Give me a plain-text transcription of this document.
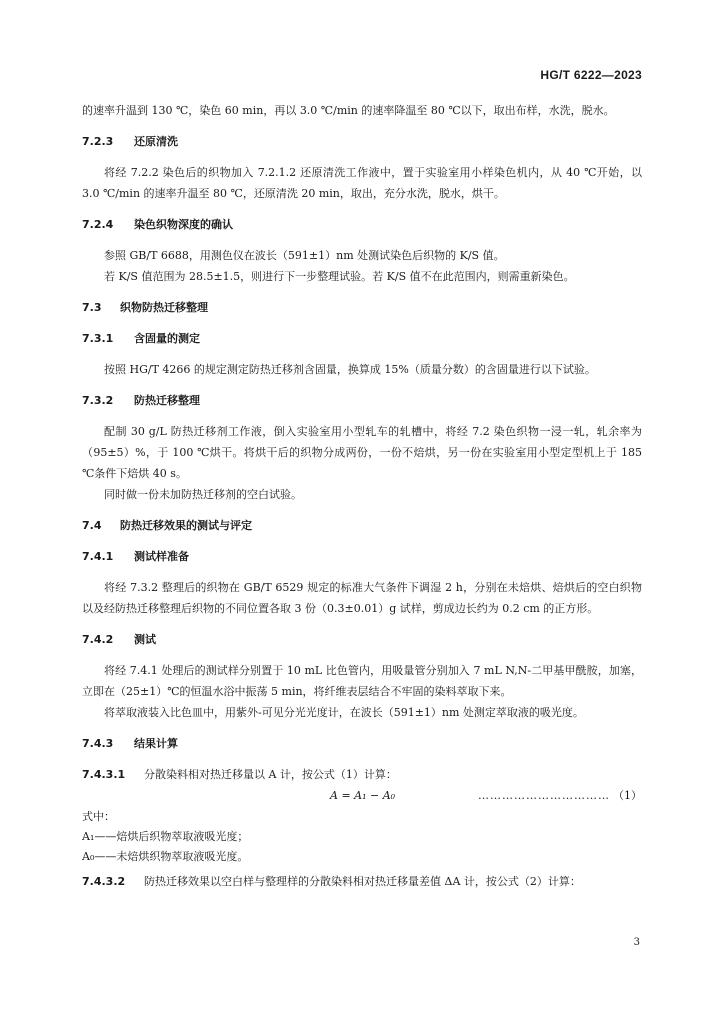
HG/T 6222—2023

的速率升温到 130 ℃，染色 60 min，再以 3.0 ℃/min 的速率降温至 80 ℃以下，取出布样，水洗，脱水。

7.2.3 还原清洗

将经 7.2.2 染色后的织物加入 7.2.1.2 还原清洗工作液中，置于实验室用小样染色机内，从 40 ℃开始，以 3.0 ℃/min 的速率升温至 80 ℃，还原清洗 20 min，取出，充分水洗，脱水，烘干。

7.2.4 染色织物深度的确认

参照 GB/T 6688，用测色仪在波长（591±1）nm 处测试染色后织物的 K/S 值。

若 K/S 值范围为 28.5±1.5，则进行下一步整理试验。若 K/S 值不在此范围内，则需重新染色。

7.3 织物防热迁移整理
7.3.1 含固量的测定

按照 HG/T 4266 的规定测定防热迁移剂含固量，换算成 15%（质量分数）的含固量进行以下试验。

7.3.2 防热迁移整理

配制 30 g/L 防热迁移剂工作液，倒入实验室用小型轧车的轧槽中，将经 7.2 染色织物一浸一轧，轧余率为（95±5）%，于 100 ℃烘干。将烘干后的织物分成两份，一份不焙烘，另一份在实验室用小型定型机上于 185 ℃条件下焙烘 40 s。

同时做一份未加防热迁移剂的空白试验。

7.4 防热迁移效果的测试与评定
7.4.1 测试样准备

将经 7.3.2 整理后的织物在 GB/T 6529 规定的标准大气条件下调湿 2 h，分别在未焙烘、焙烘后的空白织物以及经防热迁移整理后织物的不同位置各取 3 份（0.3±0.01）g 试样，剪成边长约为 0.2 cm 的正方形。

7.4.2 测试

将经 7.4.1 处理后的测试样分别置于 10 mL 比色管内，用吸量管分别加入 7 mL N,N-二甲基甲酰胺，加塞，立即在（25±1）℃的恒温水浴中振荡 5 min，将纤维表层结合不牢固的染料萃取下来。

将萃取液装入比色皿中，用紫外-可见分光光度计，在波长（591±1）nm 处测定萃取液的吸光度。

7.4.3 结果计算

7.4.3.1 分散染料相对热迁移量以 A 计，按公式（1）计算：

A = A₁ − A₀	…………………………… （1）

式中：

A₁——焙烘后织物萃取液吸光度；

A₀——未焙烘织物萃取液吸光度。

7.4.3.2 防热迁移效果以空白样与整理样的分散染料相对热迁移量差值 ΔA 计，按公式（2）计算：

3
